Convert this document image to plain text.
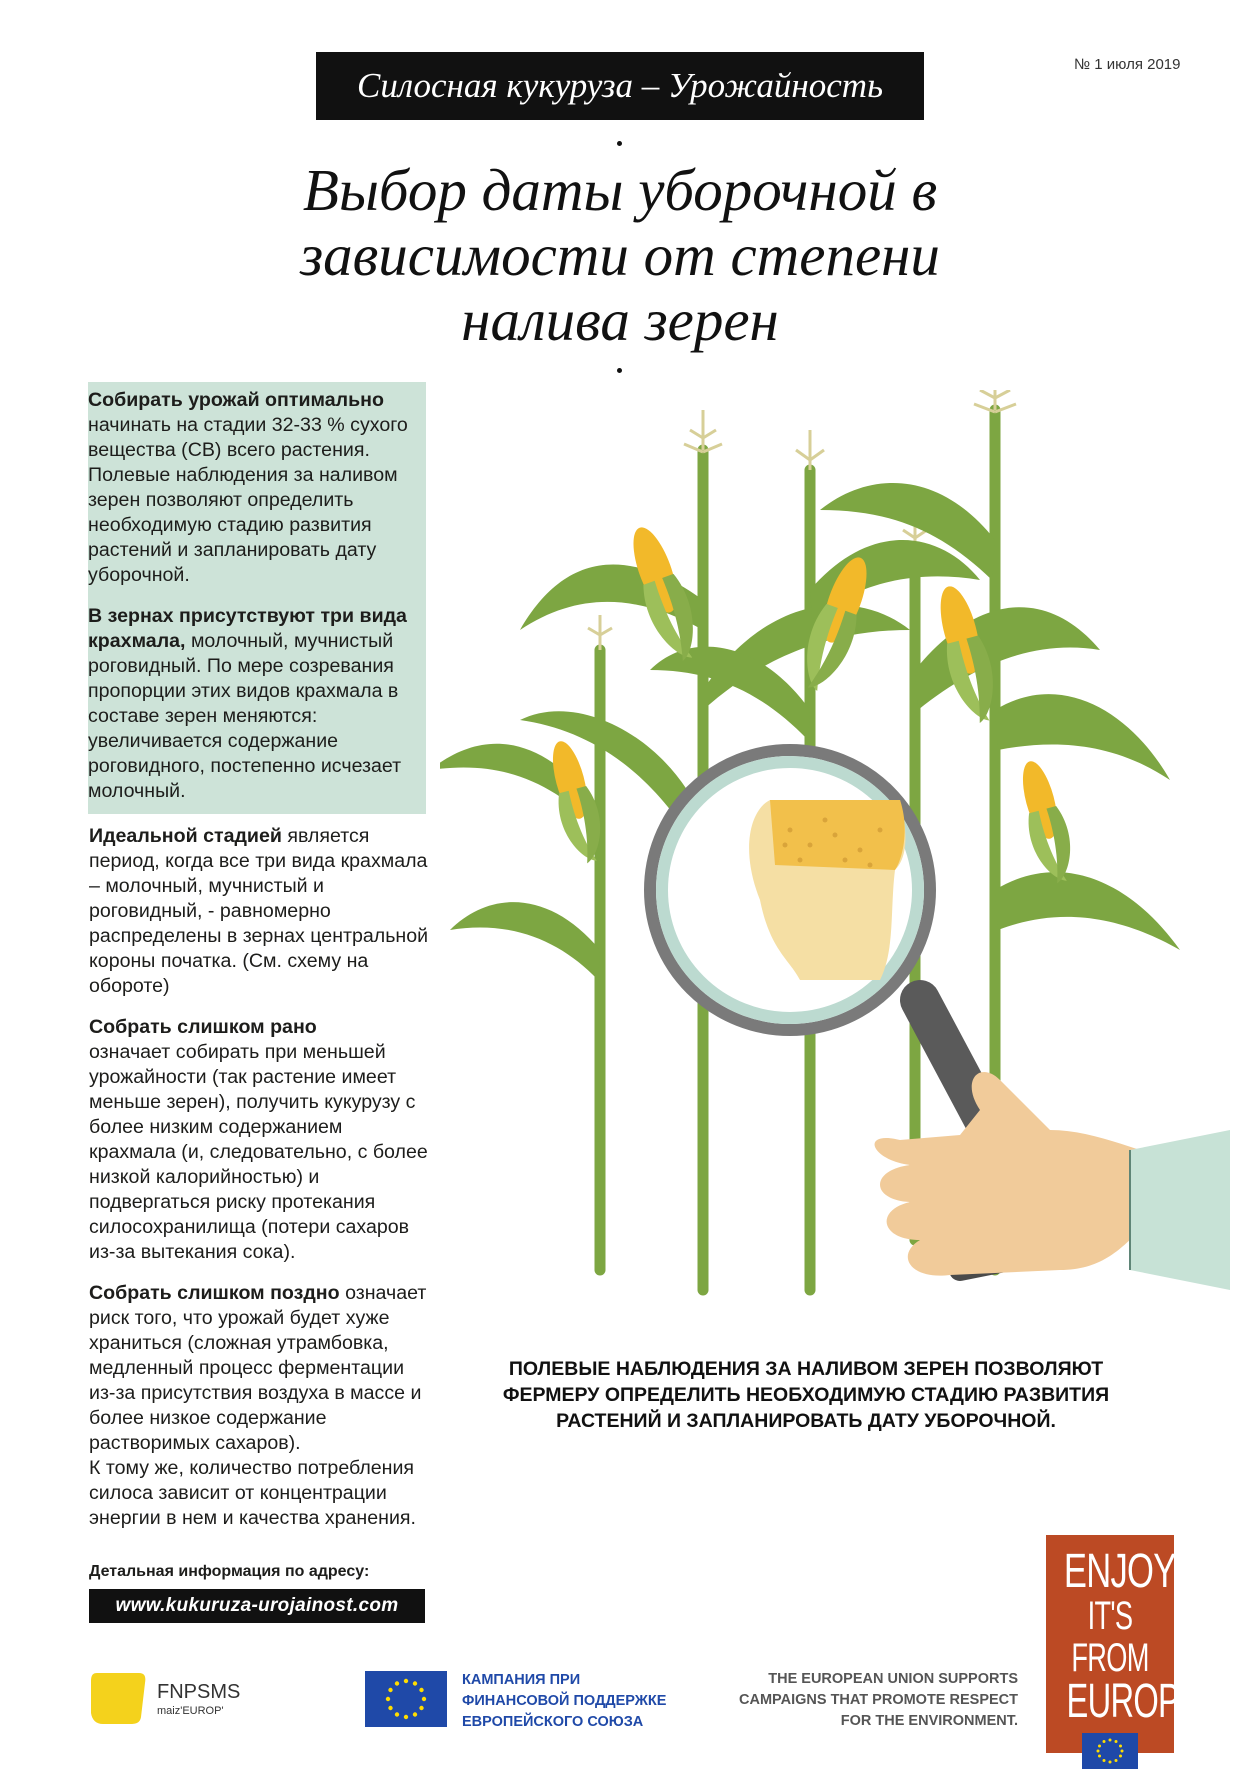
№ 1 июля 2019
Силосная кукуруза – Урожайность
Выбор даты уборочной в
зависимости от степени
налива зерен

Собирать урожай оптимально
начинать на стадии 32-33 % сухого вещества (СВ) всего растения. Полевые наблюдения за наливом зерен позволяют определить необходимую стадию развития растений и запланировать дату уборочной.

В зернах присутствуют три вида крахмала, молочный, мучнистый роговидный. По мере созревания пропорции этих видов крахмала в составе зерен меняются: увеличивается содержание роговидного, постепенно исчезает молочный.

Идеальной стадией является период, когда все три вида крахмала – молочный, мучнистый и роговидный, - равномерно распределены в зернах центральной короны початка. (См. схему на обороте)

Собрать слишком рано
означает собирать при меньшей урожайности (так растение имеет меньше зерен), получить кукурузу с более низким содержанием крахмала (и, следовательно, с более низкой калорийностью) и подвергаться риску протекания силосохранилища (потери сахаров из-за вытекания сока).

Собрать слишком поздно означает риск того, что урожай будет хуже храниться (сложная утрамбовка, медленный процесс ферментации из-за присутствия воздуха в массе и более низкое содержание растворимых сахаров).
К тому же, количество потребления силоса зависит от концентрации энергии в нем и качества хранения.

Детальная информация по адресу:
www.kukuruza-urojainost.com
ПОЛЕВЫЕ НАБЛЮДЕНИЯ ЗА НАЛИВОМ ЗЕРЕН ПОЗВОЛЯЮТ
ФЕРМЕРУ ОПРЕДЕЛИТЬ НЕОБХОДИМУЮ СТАДИЮ РАЗВИТИЯ
РАСТЕНИЙ И ЗАПЛАНИРОВАТЬ ДАТУ УБОРОЧНОЙ.
FNPSMS
maiz'EUROP'
КАМПАНИЯ ПРИ
ФИНАНСОВОЙ ПОДДЕРЖКЕ
ЕВРОПЕЙСКОГО СОЮЗА
THE EUROPEAN UNION SUPPORTS
CAMPAIGNS THAT PROMOTE RESPECT
FOR THE ENVIRONMENT.
ENJOY
IT'S FROM
EUROPE
